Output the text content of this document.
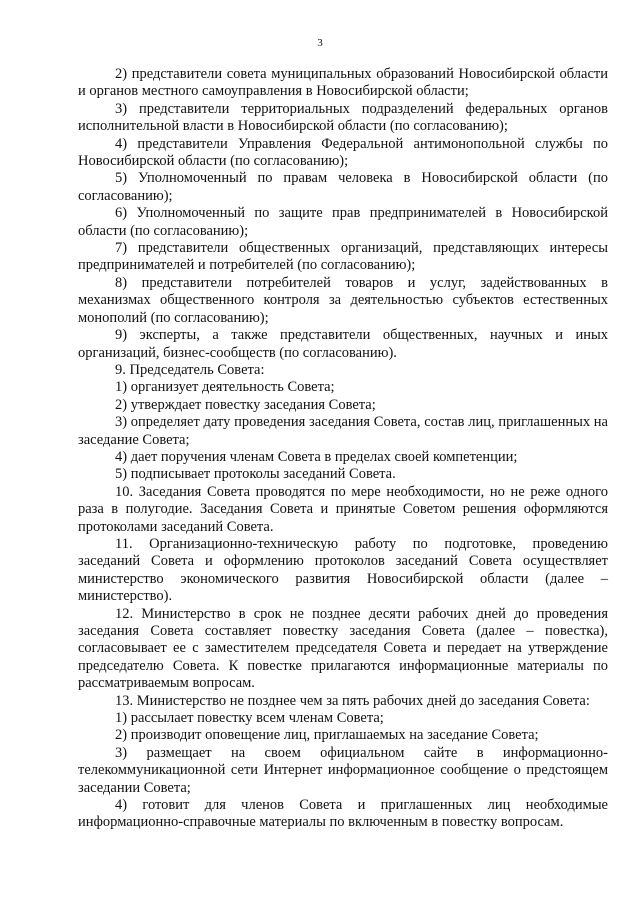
3

2) представители совета муниципальных образований Новосибирской области и органов местного самоуправления в Новосибирской области;

3) представители территориальных подразделений федеральных органов исполнительной власти в Новосибирской области (по согласованию);

4) представители Управления Федеральной антимонопольной службы по Новосибирской области (по согласованию);

5) Уполномоченный по правам человека в Новосибирской области (по согласованию);

6) Уполномоченный по защите прав предпринимателей в Новосибирской области (по согласованию);

7) представители общественных организаций, представляющих интересы предпринимателей и потребителей (по согласованию);

8) представители потребителей товаров и услуг, задействованных в механизмах общественного контроля за деятельностью субъектов естественных монополий (по согласованию);

9) эксперты, а также представители общественных, научных и иных организаций, бизнес-сообществ (по согласованию).

9. Председатель Совета:

1) организует деятельность Совета;

2) утверждает повестку заседания Совета;

3) определяет дату проведения заседания Совета, состав лиц, приглашенных на заседание Совета;

4) дает поручения членам Совета в пределах своей компетенции;

5) подписывает протоколы заседаний Совета.

10. Заседания Совета проводятся по мере необходимости, но не реже одного раза в полугодие. Заседания Совета и принятые Советом решения оформляются протоколами заседаний Совета.

11. Организационно-техническую работу по подготовке, проведению заседаний Совета и оформлению протоколов заседаний Совета осуществляет министерство экономического развития Новосибирской области (далее – министерство).

12. Министерство в срок не позднее десяти рабочих дней до проведения заседания Совета составляет повестку заседания Совета (далее – повестка), согласовывает ее с заместителем председателя Совета и передает на утверждение председателю Совета. К повестке прилагаются информационные материалы по рассматриваемым вопросам.

13. Министерство не позднее чем за пять рабочих дней до заседания Совета:

1) рассылает повестку всем членам Совета;

2) производит оповещение лиц, приглашаемых на заседание Совета;

3) размещает на своем официальном сайте в информационно-телекоммуникационной сети Интернет информационное сообщение о предстоящем заседании Совета;

4) готовит для членов Совета и приглашенных лиц необходимые информационно-справочные материалы по включенным в повестку вопросам.
